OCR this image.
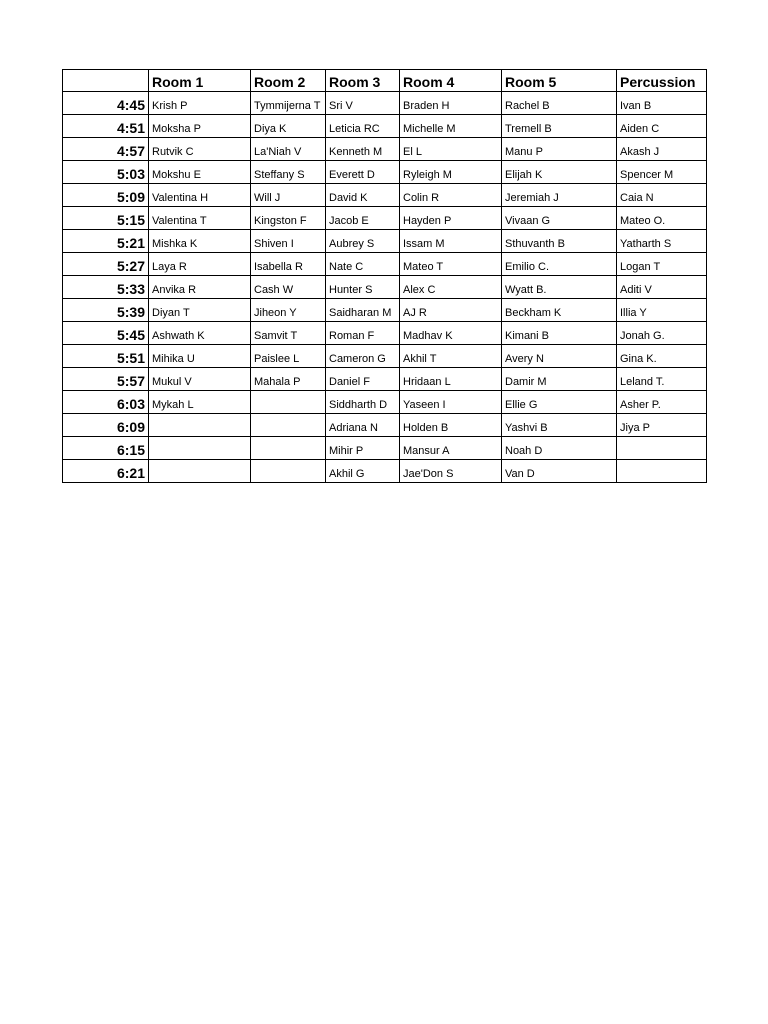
	Room 1	Room 2	Room 3	Room 4	Room 5	Percussion
4:45	Krish P	Tymmijerna T	Sri V	Braden H	Rachel B	Ivan B
4:51	Moksha P	Diya K	Leticia RC	Michelle M	Tremell B	Aiden C
4:57	Rutvik C	La'Niah V	Kenneth M	El L	Manu P	Akash J
5:03	Mokshu E	Steffany S	Everett D	Ryleigh M	Elijah K	Spencer M
5:09	Valentina H	Will J	David K	Colin R	Jeremiah J	Caia N
5:15	Valentina T	Kingston F	Jacob E	Hayden P	Vivaan G	Mateo O.
5:21	Mishka K	Shiven I	Aubrey S	Issam M	Sthuvanth B	Yatharth S
5:27	Laya R	Isabella R	Nate C	Mateo T	Emilio C.	Logan T
5:33	Anvika R	Cash W	Hunter S	Alex C	Wyatt B.	Aditi V
5:39	Diyan T	Jiheon Y	Saidharan M	AJ R	Beckham K	Illia Y
5:45	Ashwath K	Samvit T	Roman F	Madhav K	Kimani B	Jonah G.
5:51	Mihika U	Paislee L	Cameron G	Akhil T	Avery N	Gina K.
5:57	Mukul V	Mahala P	Daniel F	Hridaan L	Damir M	Leland T.
6:03	Mykah L		Siddharth D	Yaseen I	Ellie G	Asher P.
6:09			Adriana N	Holden B	Yashvi B	Jiya P
6:15			Mihir P	Mansur A	Noah D	
6:21			Akhil G	Jae'Don S	Van D	
